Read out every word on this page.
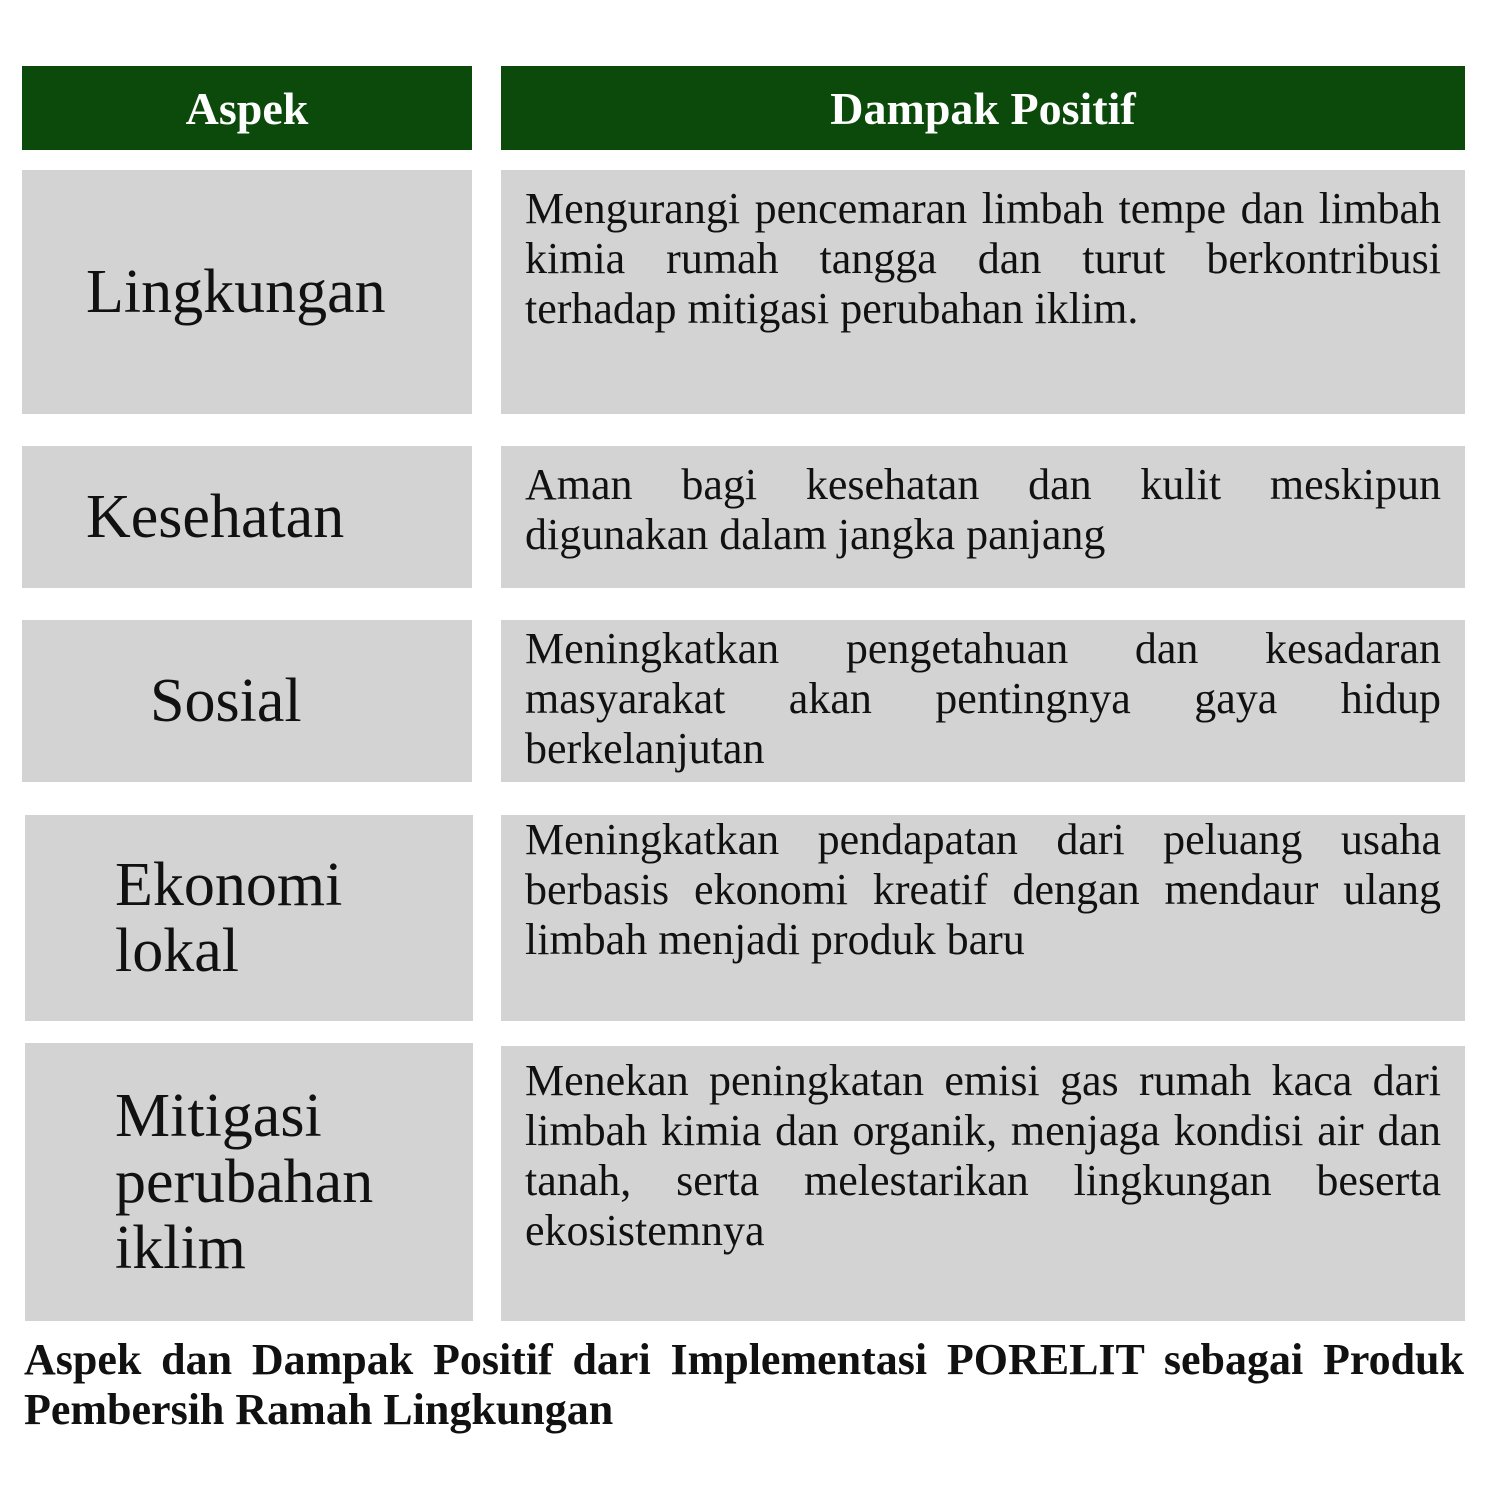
Aspek	Dampak Positif
Lingkungan
Mengurangi pencemaran limbah tempe dan limbah kimia rumah tangga dan turut berkontribusi terhadap mitigasi perubahan iklim.
Kesehatan	Aman bagi kesehatan dan kulit meskipun digunakan dalam jangka panjang
Sosial
Meningkatkan pengetahuan dan kesadaran masyarakat akan pentingnya gaya hidup berkelanjutan
Ekonomi lokal
Meningkatkan pendapatan dari peluang usaha berbasis ekonomi kreatif dengan mendaur ulang limbah menjadi produk baru
Mitigasi perubahan iklim
Menekan peningkatan emisi gas rumah kaca dari limbah kimia dan organik, menjaga kondisi air dan tanah, serta melestarikan lingkungan beserta ekosistemnya
Aspek dan Dampak Positif dari Implementasi PORELIT sebagai Produk Pembersih Ramah Lingkungan
